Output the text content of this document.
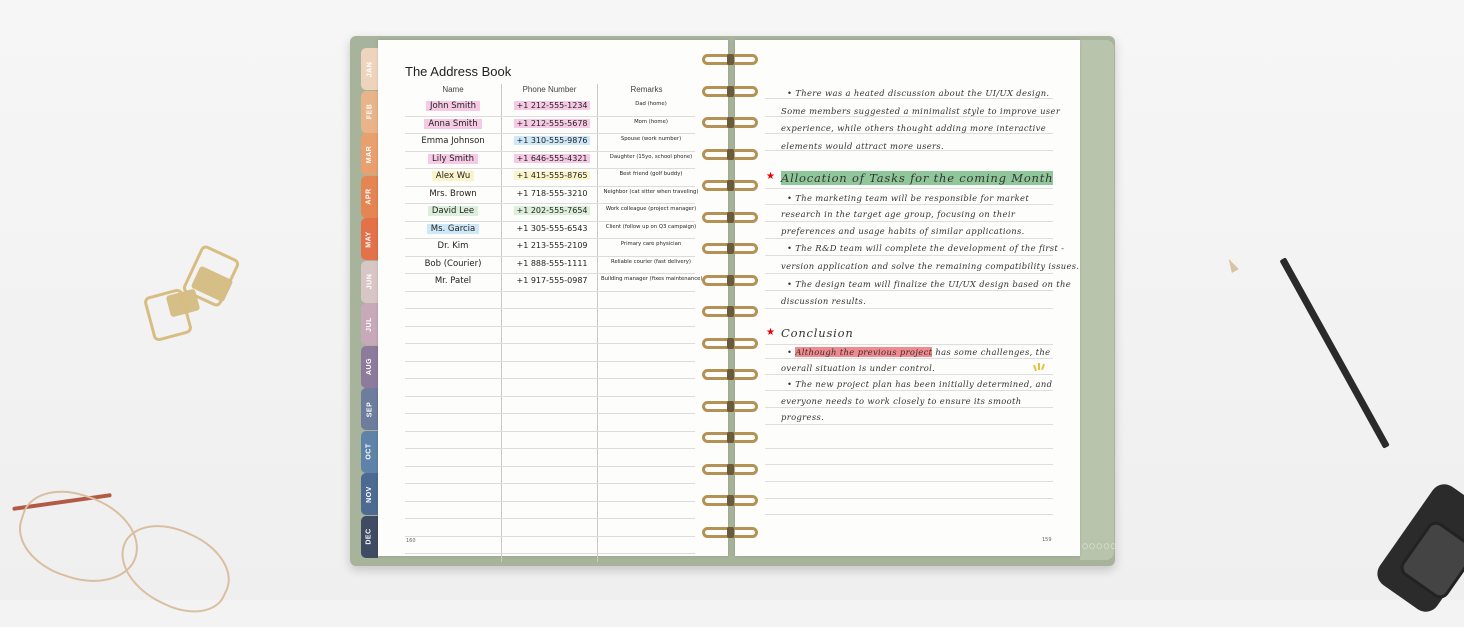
○○○○○
JAN
FEB
MAR
APR
MAY
JUN
JUL
AUG
SEP
OCT
NOV
DEC
The Address Book
Name	Phone Number	Remarks
John Smith	+1 212-555-1234	Dad (home)
Anna Smith	+1 212-555-5678	Mom (home)
Emma Johnson	+1 310-555-9876	Spouse (work number)
Lily Smith	+1 646-555-4321	Daughter (15yo, school phone)
Alex Wu	+1 415-555-8765	Best friend (golf buddy)
Mrs. Brown	+1 718-555-3210	Neighbor (cat sitter when traveling)
David Lee	+1 202-555-7654	Work colleague (project manager)
Ms. Garcia	+1 305-555-6543	Client (follow up on Q3 campaign)
Dr. Kim	+1 213-555-2109	Primary care physician
Bob (Courier)	+1 888-555-1111	Reliable courier (fast delivery)
Mr. Patel	+1 917-555-0987	Building manager (fixes maintenance)
160
• There was a heated discussion about the UI/UX design.
Some members suggested a minimalist style to improve user
experience, while others thought adding more interactive
elements would attract more users.
★ Allocation of Tasks for the coming Month
• The marketing team will be responsible for market
research in the target age group, focusing on their
preferences and usage habits of similar applications.
• The R&D team will complete the development of the first -
version application and solve the remaining compatibility issues.
• The design team will finalize the UI/UX design based on the
discussion results.
★ Conclusion
• Although the previous project has some challenges, the
overall situation is under control.
• The new project plan has been initially determined, and
everyone needs to work closely to ensure its smooth
progress.
159
